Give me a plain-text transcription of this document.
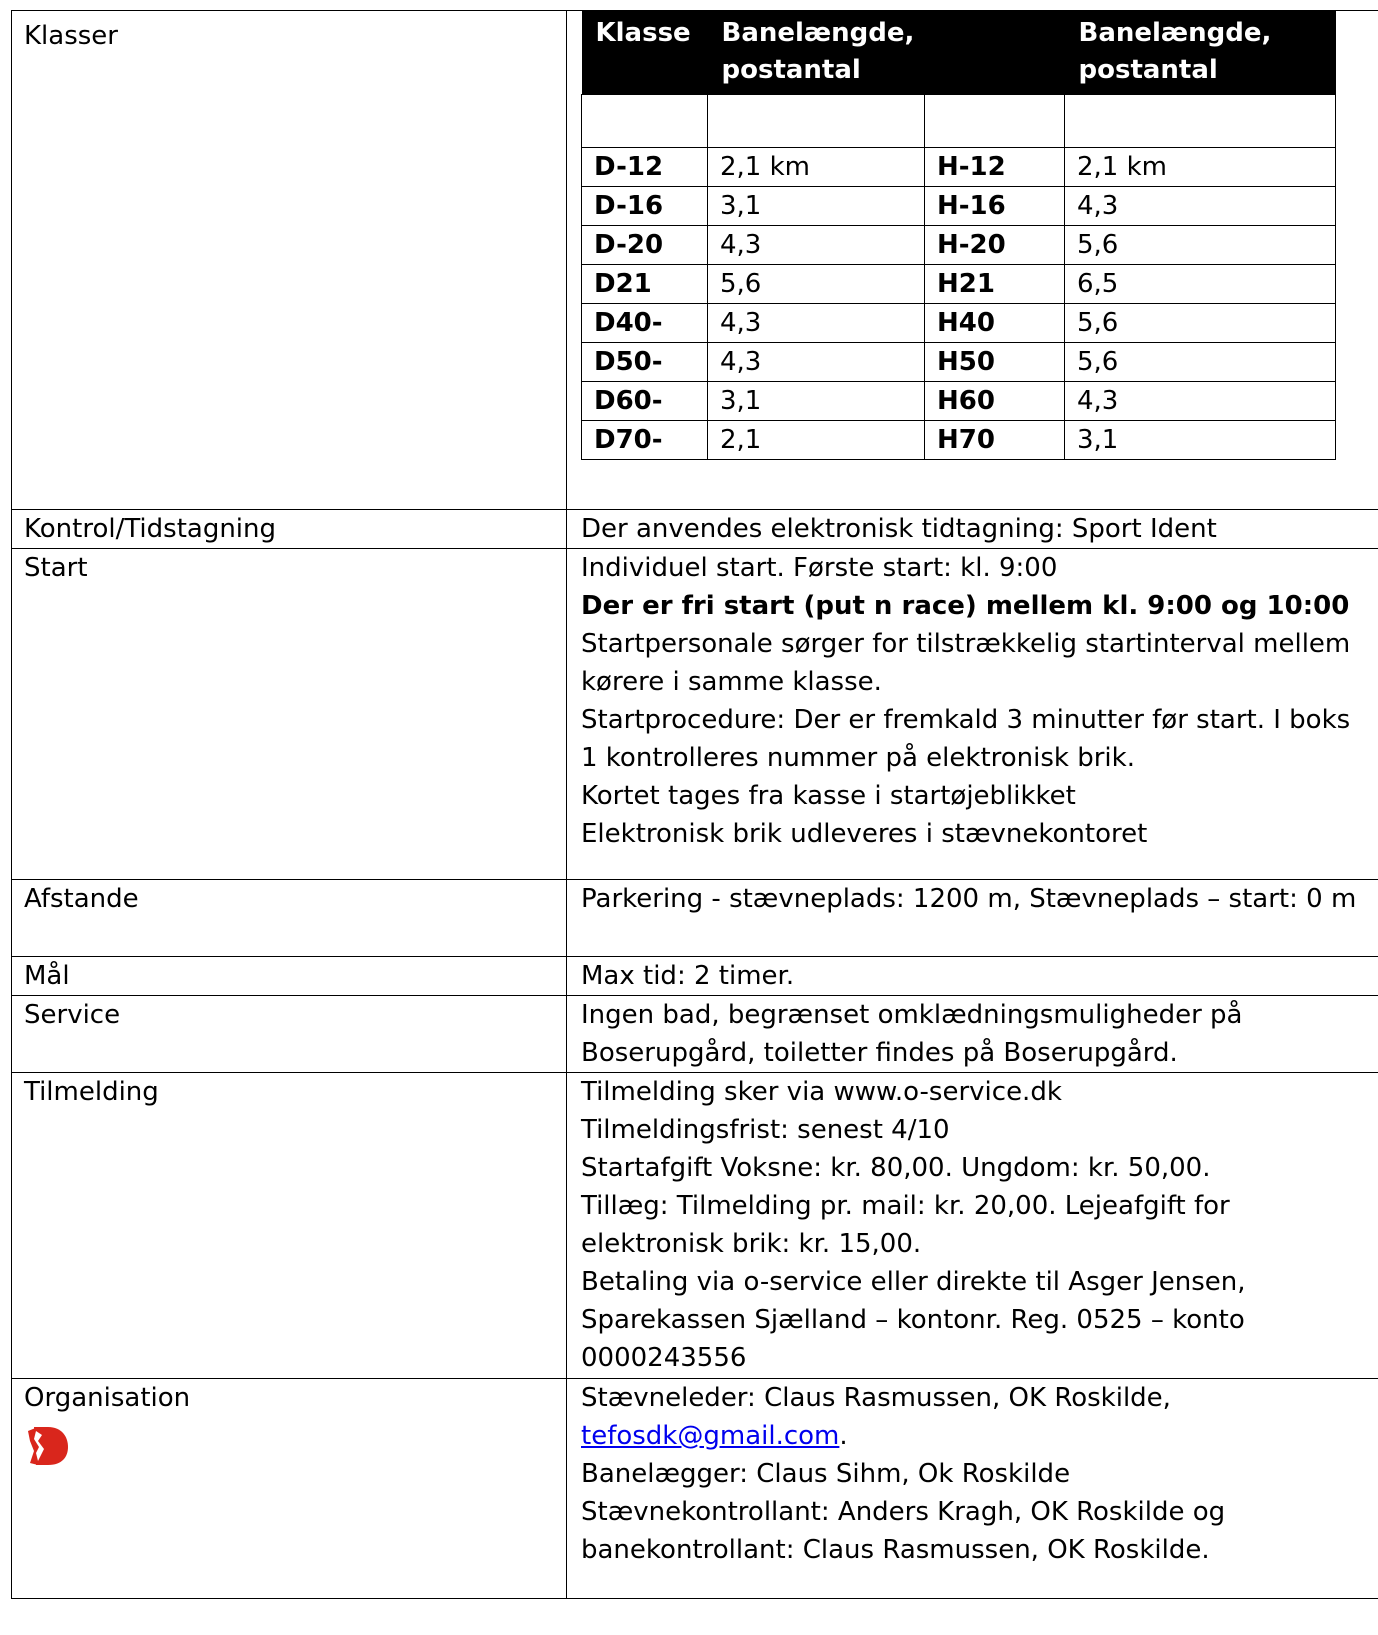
Klasser		Klasse	Banelængde, postantal		Banelængde, postantal

D-12	2,1 km	H-12	2,1 km
D-16	3,1	H-16	4,3
D-20	4,3	H-20	5,6
D21	5,6	H21	6,5
D40-	4,3	H40	5,6
D50-	4,3	H50	5,6
D60-	3,1	H60	4,3
D70-	2,1	H70	3,1

Kontrol/Tidstagning	Der anvendes elektronisk tidtagning: Sport Ident

Start	Individuel start. Første start: kl. 9:00
Der er fri start (put n race) mellem kl. 9:00 og 10:00
Startpersonale sørger for tilstrækkelig startinterval mellem
kørere i samme klasse.
Startprocedure: Der er fremkald 3 minutter før start. I boks
1 kontrolleres nummer på elektronisk brik.
Kortet tages fra kasse i startøjeblikket
Elektronisk brik udleveres i stævnekontoret

Afstande	Parkering - stævneplads: 1200 m, Stævneplads – start: 0 m

Mål	Max tid: 2 timer.

Service	Ingen bad, begrænset omklædningsmuligheder på
Boserupgård, toiletter findes på Boserupgård.

Tilmelding	Tilmelding sker via www.o-service.dk
Tilmeldingsfrist: senest 4/10
Startafgift Voksne: kr. 80,00. Ungdom: kr. 50,00.
Tillæg: Tilmelding pr. mail: kr. 20,00. Lejeafgift for
elektronisk brik: kr. 15,00.
Betaling via o-service eller direkte til Asger Jensen,
Sparekassen Sjælland – kontonr. Reg. 0525 – konto
0000243556

Organisation	Stævneleder: Claus Rasmussen, OK Roskilde,
tefosdk@gmail.com.
Banelægger: Claus Sihm, Ok Roskilde
Stævnekontrollant: Anders Kragh, OK Roskilde og
banekontrollant: Claus Rasmussen, OK Roskilde.
